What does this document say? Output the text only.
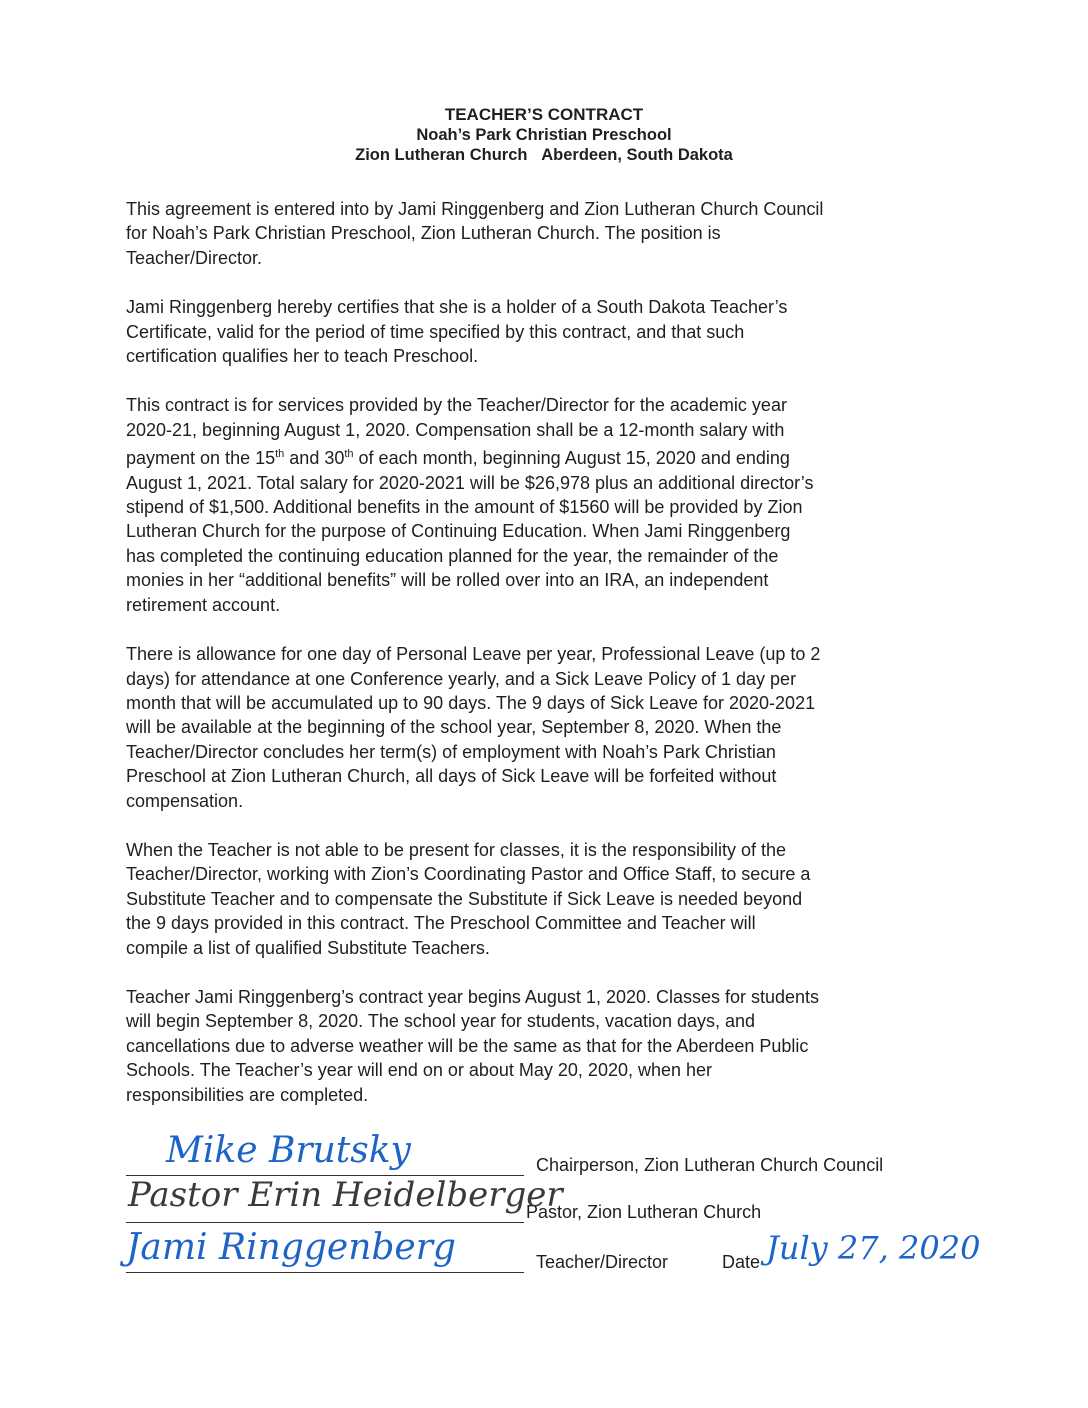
TEACHER’S CONTRACT
Noah’s Park Christian Preschool
Zion Lutheran Church Aberdeen, South Dakota

This agreement is entered into by Jami Ringgenberg and Zion Lutheran Church Council
for Noah’s Park Christian Preschool, Zion Lutheran Church. The position is
Teacher/Director.

Jami Ringgenberg hereby certifies that she is a holder of a South Dakota Teacher’s
Certificate, valid for the period of time specified by this contract, and that such
certification qualifies her to teach Preschool.

This contract is for services provided by the Teacher/Director for the academic year
2020-21, beginning August 1, 2020. Compensation shall be a 12-month salary with
payment on the 15th and 30th of each month, beginning August 15, 2020 and ending
August 1, 2021. Total salary for 2020-2021 will be $26,978 plus an additional director’s
stipend of $1,500. Additional benefits in the amount of $1560 will be provided by Zion
Lutheran Church for the purpose of Continuing Education. When Jami Ringgenberg
has completed the continuing education planned for the year, the remainder of the
monies in her “additional benefits” will be rolled over into an IRA, an independent
retirement account.

There is allowance for one day of Personal Leave per year, Professional Leave (up to 2
days) for attendance at one Conference yearly, and a Sick Leave Policy of 1 day per
month that will be accumulated up to 90 days. The 9 days of Sick Leave for 2020-2021
will be available at the beginning of the school year, September 8, 2020. When the
Teacher/Director concludes her term(s) of employment with Noah’s Park Christian
Preschool at Zion Lutheran Church, all days of Sick Leave will be forfeited without
compensation.

When the Teacher is not able to be present for classes, it is the responsibility of the
Teacher/Director, working with Zion’s Coordinating Pastor and Office Staff, to secure a
Substitute Teacher and to compensate the Substitute if Sick Leave is needed beyond
the 9 days provided in this contract. The Preschool Committee and Teacher will
compile a list of qualified Substitute Teachers.

Teacher Jami Ringgenberg’s contract year begins August 1, 2020. Classes for students
will begin September 8, 2020. The school year for students, vacation days, and
cancellations due to adverse weather will be the same as that for the Aberdeen Public
Schools. The Teacher’s year will end on or about May 20, 2020, when her
responsibilities are completed.

Chairperson, Zion Lutheran Church Council
Mike Brutsky
Pastor, Zion Lutheran Church
Pastor Erin Heidelberger
Teacher/Director
Jami Ringgenberg	Date July 27, 2020
